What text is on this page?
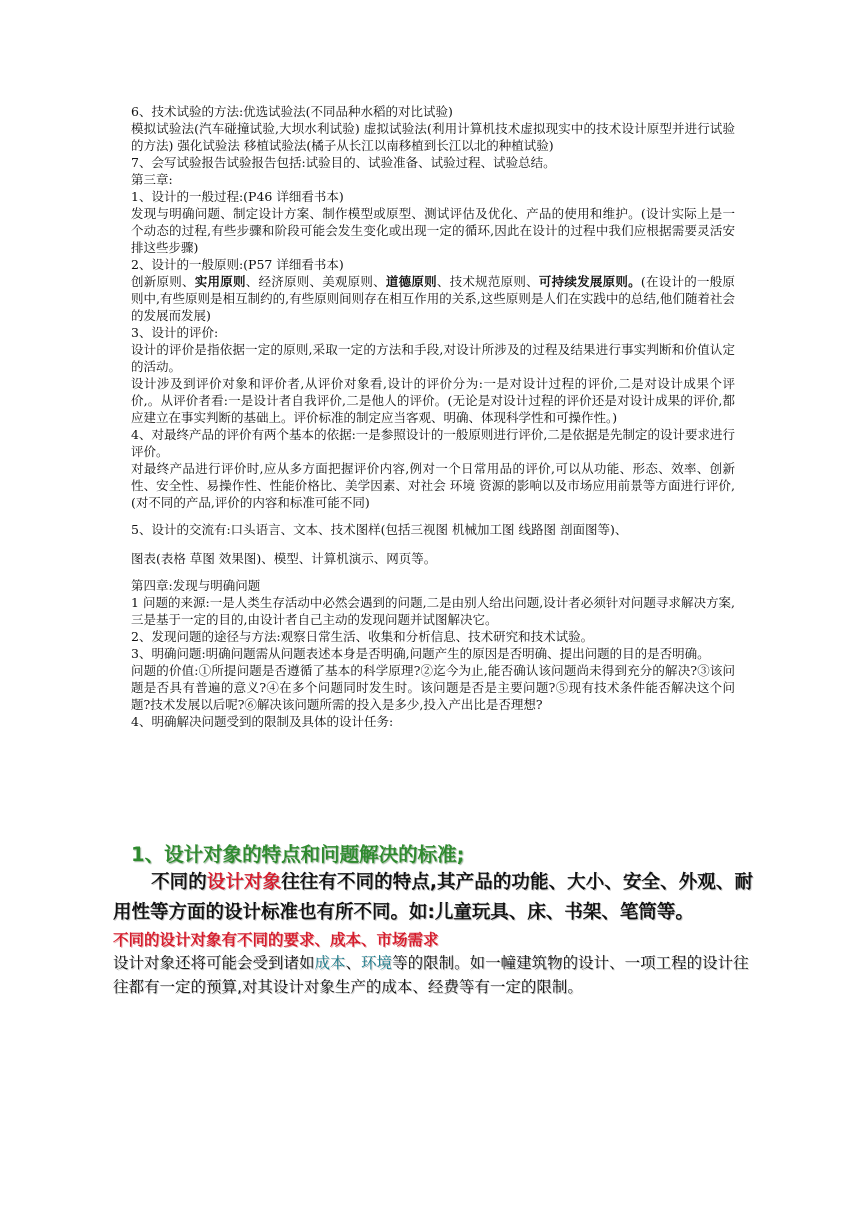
6、技术试验的方法:优选试验法(不同品种水稻的对比试验)

模拟试验法(汽车碰撞试验,大坝水利试验) 虚拟试验法(利用计算机技术虚拟现实中的技术设计原型并进行试验的方法) 强化试验法 移植试验法(橘子从长江以南移植到长江以北的种植试验)

7、会写试验报告试验报告包括:试验目的、试验准备、试验过程、试验总结。

第三章:

1、设计的一般过程:(P46 详细看书本)

发现与明确问题、制定设计方案、制作模型或原型、测试评估及优化、产品的使用和维护。(设计实际上是一个动态的过程,有些步骤和阶段可能会发生变化或出现一定的循环,因此在设计的过程中我们应根据需要灵活安排这些步骤)

2、设计的一般原则:(P57 详细看书本)

创新原则、实用原则、经济原则、美观原则、道德原则、技术规范原则、可持续发展原则。(在设计的一般原则中,有些原则是相互制约的,有些原则间则存在相互作用的关系,这些原则是人们在实践中的总结,他们随着社会的发展而发展)

3、设计的评价:

设计的评价是指依据一定的原则,采取一定的方法和手段,对设计所涉及的过程及结果进行事实判断和价值认定的活动。

设计涉及到评价对象和评价者,从评价对象看,设计的评价分为:一是对设计过程的评价,二是对设计成果个评价,。从评价者看:一是设计者自我评价,二是他人的评价。(无论是对设计过程的评价还是对设计成果的评价,都应建立在事实判断的基础上。评价标准的制定应当客观、明确、体现科学性和可操作性。)

4、对最终产品的评价有两个基本的依据:一是参照设计的一般原则进行评价,二是依据是先制定的设计要求进行评价。

对最终产品进行评价时,应从多方面把握评价内容,例对一个日常用品的评价,可以从功能、形态、效率、创新性、安全性、易操作性、性能价格比、美学因素、对社会 环境 资源的影响以及市场应用前景等方面进行评价,(对不同的产品,评价的内容和标准可能不同)

5、设计的交流有:口头语言、文本、技术图样(包括三视图 机械加工图 线路图 剖面图等)、

图表(表格 草图 效果图)、模型、计算机演示、网页等。

第四章:发现与明确问题

1 问题的来源:一是人类生存活动中必然会遇到的问题,二是由别人给出问题,设计者必须针对问题寻求解决方案,三是基于一定的目的,由设计者自己主动的发现问题并试图解决它。

2、发现问题的途径与方法:观察日常生活、收集和分析信息、技术研究和技术试验。

3、明确问题:明确问题需从问题表述本身是否明确,问题产生的原因是否明确、提出问题的目的是否明确。

问题的价值:①所提问题是否遵循了基本的科学原理?②迄今为止,能否确认该问题尚未得到充分的解决?③该问题是否具有普遍的意义?④在多个问题同时发生时。该问题是否是主要问题?⑤现有技术条件能否解决这个问题?技术发展以后呢?⑥解决该问题所需的投入是多少,投入产出比是否理想?

4、明确解决问题受到的限制及具体的设计任务:

1、设计对象的特点和问题解决的标准;
不同的设计对象往往有不同的特点,其产品的功能、大小、安全、外观、耐用性等方面的设计标准也有所不同。如:儿童玩具、床、书架、笔筒等。
不同的设计对象有不同的要求、成本、市场需求
设计对象还将可能会受到诸如成本、环境等的限制。如一幢建筑物的设计、一项工程的设计往往都有一定的预算,对其设计对象生产的成本、经费等有一定的限制。
